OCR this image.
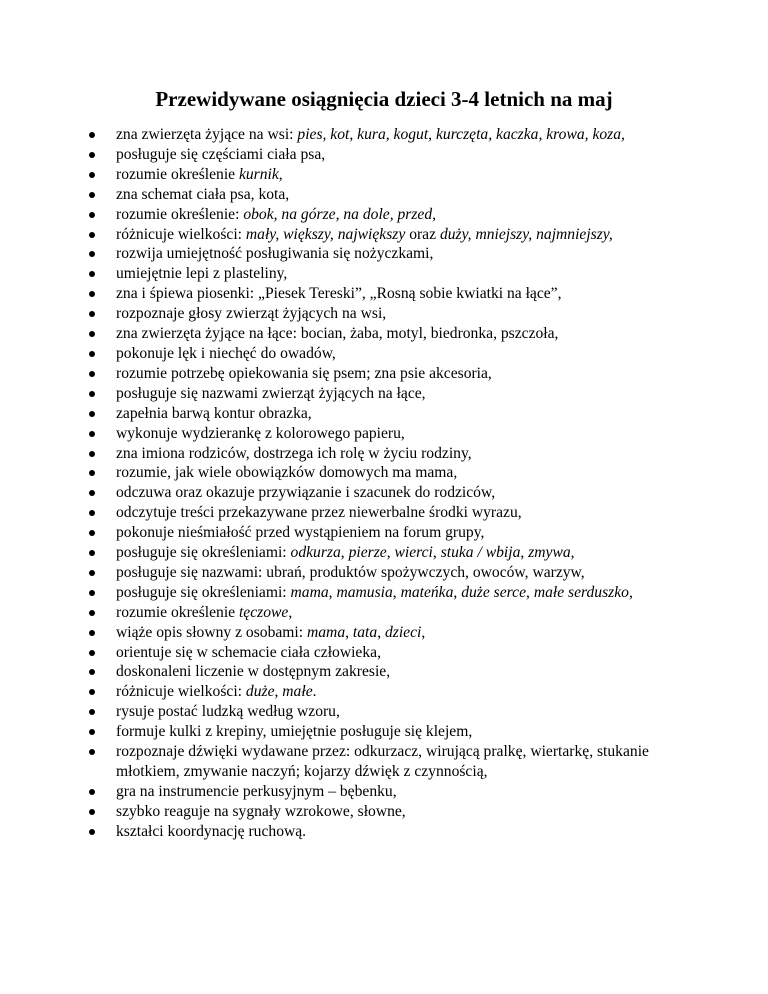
Przewidywane osiągnięcia dzieci 3-4 letnich na maj
zna zwierzęta żyjące na wsi: pies, kot, kura, kogut, kurczęta, kaczka, krowa, koza,
posługuje się częściami ciała psa,
rozumie określenie kurnik,
zna schemat ciała psa, kota,
rozumie określenie: obok, na górze, na dole, przed,
różnicuje wielkości: mały, większy, największy oraz duży, mniejszy, najmniejszy,
rozwija umiejętność posługiwania się nożyczkami,
umiejętnie lepi z plasteliny,
zna i śpiewa piosenki: „Piesek Tereski”, „Rosną sobie kwiatki na łące”,
rozpoznaje głosy zwierząt żyjących na wsi,
zna zwierzęta żyjące na łące: bocian, żaba, motyl, biedronka, pszczoła,
pokonuje lęk i niechęć do owadów,
rozumie potrzebę opiekowania się psem; zna psie akcesoria,
posługuje się nazwami zwierząt żyjących na łące,
zapełnia barwą kontur obrazka,
wykonuje wydzierankę z kolorowego papieru,
zna imiona rodziców, dostrzega ich rolę w życiu rodziny,
rozumie, jak wiele obowiązków domowych ma mama,
odczuwa oraz okazuje przywiązanie i szacunek do rodziców,
odczytuje treści przekazywane przez niewerbalne środki wyrazu,
pokonuje nieśmiałość przed wystąpieniem na forum grupy,
posługuje się określeniami: odkurza, pierze, wierci, stuka / wbija, zmywa,
posługuje się nazwami: ubrań, produktów spożywczych, owoców, warzyw,
posługuje się określeniami: mama, mamusia, mateńka, duże serce, małe serduszko,
rozumie określenie tęczowe,
wiąże opis słowny z osobami: mama, tata, dzieci,
orientuje się w schemacie ciała człowieka,
doskonaleni liczenie w dostępnym zakresie,
różnicuje wielkości: duże, małe.
rysuje postać ludzką według wzoru,
formuje kulki z krepiny, umiejętnie posługuje się klejem,
rozpoznaje dźwięki wydawane przez: odkurzacz, wirującą pralkę, wiertarkę, stukanie młotkiem, zmywanie naczyń; kojarzy dźwięk z czynnością,
gra na instrumencie perkusyjnym – bębenku,
szybko reaguje na sygnały wzrokowe, słowne,
kształci koordynację ruchową.
